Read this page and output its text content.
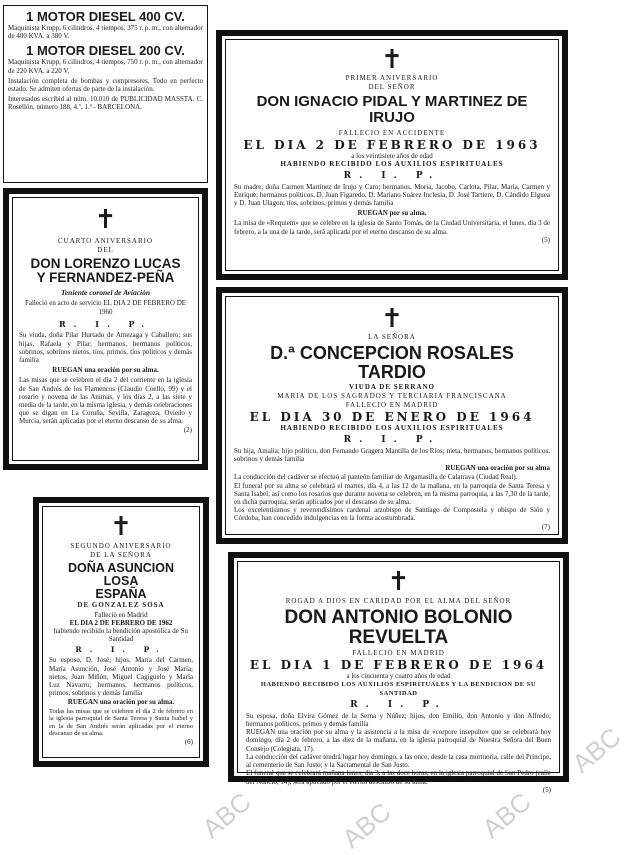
1 MOTOR DIESEL 400 CV.

Maquinista Krupp, 6 cilindros, 4 tiempos, 375 r. p. m., con alternador de 400 KVA. a 380 V.

1 MOTOR DIESEL 200 CV.

Maquinista Krupp, 6 cilindros, 4 tiempos, 750 r. p. m., con alternador de 220 KVA. a 220 V.

Instalación completa de bombas y compresores. Todo en perfecto estado. Se admiten ofertas de parte de la instalación.

Interesados escribid al núm. 10.010 de PUBLICIDAD MASSTA. C. Rosellón, número 188, 4.º, 1.ª - BARCELONA.

✝

CUARTO ANIVERSARIO

DEL

DON LORENZO LUCAS

Y FERNANDEZ-PEÑA

Teniente coronel de Aviación

Falleció en acto de servicio EL DIA 2 DE FEBRERO DE 1960

R. I. P.

Su viuda, doña Pilar Hurtado de Amezaga y Caballero; sus hijas, Rafaela y Pilar; hermanos, hermanos políticos, sobrinos, sobrinos nietos, tíos, primos, tíos políticos y demás familia

RUEGAN una oración por su alma.

Las misas que se celebren el día 2 del corriente en la iglesia de San Andrés de los Flamencos (Claudio Coello, 99) y el rosario y novena de las Animas, y los días 2, a las siete y media de la tarde, en la misma iglesia, y demás celebraciones que se digan en La Coruña, Sevilla, Zaragoza, Oviedo y Murcia, serán aplicadas por el eterno descanso de su alma.

(2)

✝

SEGUNDO ANIVERSARIO

DE LA SEÑORA

DOÑA ASUNCION LOSA

ESPAÑA

DE GONZALEZ SOSA

Falleció en Madrid

EL DIA 2 DE FEBRERO DE 1962

habiendo recibido la bendición apostólica de Su Santidad

R. I. P.

Su esposo, D. José; hijos, María del Carmen, María Asunción, José Antonio y José María; nietos, Juan Miñón, Miguel Cagiguelo y María Luz Navarro; hermanos, hermanos políticos, primos, sobrinos y demás familia

RUEGAN una oración por su alma.

Todas las misas que se celebren el día 2 de febrero en la iglesia parroquial de Santa Teresa y Santa Isabel y en la de San Andrés serán aplicadas por el eterno descanso de su alma.

(6)

✝

PRIMER ANIVERSARIO

DEL SEÑOR

DON IGNACIO PIDAL Y MARTINEZ DE IRUJO

FALLECIO EN ACCIDENTE

EL DIA 2 DE FEBRERO DE 1963

a los veintisiete años de edad

HABIENDO RECIBIDO LOS AUXILIOS ESPIRITUALES

R. I. P.

Su madre, doña Carmen Martínez de Irujo y Caro; hermanos, Moria, Jacobo, Carlota, Pilar, María, Carmen y Enrique; hermanos políticos, D. Juan Figaredo, D. Mariano Suárez Inclesia, D. José Tartiere, D. Cándido Elguea y D. Juan Ulagon; tíos, sobrinos, primos y demás familia

RUEGAN por su alma.

La misa de «Requiem» que se celebre en la iglesia de Santo Tomás, de la Ciudad Universitaria, el lunes, día 3 de febrero, a la una de la tarde, será aplicada por el eterno descanso de su alma.

(5)

✝

LA SEÑORA

D.ª CONCEPCION ROSALES TARDIO

VIUDA DE SERRANO

MARIA DE LOS SAGRADOS Y TERCIARIA FRANCISCANA

FALLECIO EN MADRID

EL DIA 30 DE ENERO DE 1964

HABIENDO RECIBIDO LOS AUXILIOS ESPIRITUALES

R. I. P.

Su hija, Amalia; hijo político, don Fernando Gragera Mantilla de los Ríos; nieta, hermanos, hermanos políticos, sobrinos y demás familia

RUEGAN una oración por su alma

La conducción del cadáver se efectuó al panteón familiar de Argamasilla de Calatrava (Ciudad Real).

El funeral por su alma se celebrará el martes, día 4, a las 12 de la mañana, en la parroquia de Santa Teresa y Santa Isabel; así como los rosarios que durante novena se celebren, en la misma parroquia, a las 7,30 de la tarde, en dicha parroquia, serán aplicados por el descanso de su alma.

Los excelentísimos y reverendísimos cardenal arzobispo de Santiago de Compostela y obispo de Sión y Córdoba, han concedido indulgencias en la forma acostumbrada.

(7)

✝

ROGAD A DIOS EN CARIDAD POR EL ALMA DEL SEÑOR

DON ANTONIO BOLONIO REVUELTA

FALLECIO EN MADRID

EL DIA 1 DE FEBRERO DE 1964

a los cincuenta y cuatro años de edad

HABIENDO RECIBIDO LOS AUXILIOS ESPIRITUALES Y LA BENDICION DE SU SANTIDAD

R. I. P.

Su esposa, doña Elvira Gómez de la Serna y Núñez; hijos, don Emilio, don Antonio y don Alfredo; hermanos políticos, primos y demás familia

RUEGAN una oración por su alma y la asistencia a la misa de «corpore insepulto» que se celebrará hoy domingo, día 2 de febrero, a las diez de la mañana, en la iglesia parroquial de Nuestra Señora del Buen Consejo (Colegiata, 17).

La conducción del cadáver tendrá lugar hoy domingo, a las once, desde la casa mortuoria, calle del Príncipe, al cementerio de San Justo; y la Sacramental de San Justo.

El funeral que se celebrará mañana lunes, día 3, a las doce horas, en la iglesia parroquial de San Pedro (calle del Nuncio, 14), será aplicado por el eterno descanso de su alma.

(5)

ABC	ABC	ABC
ABC
